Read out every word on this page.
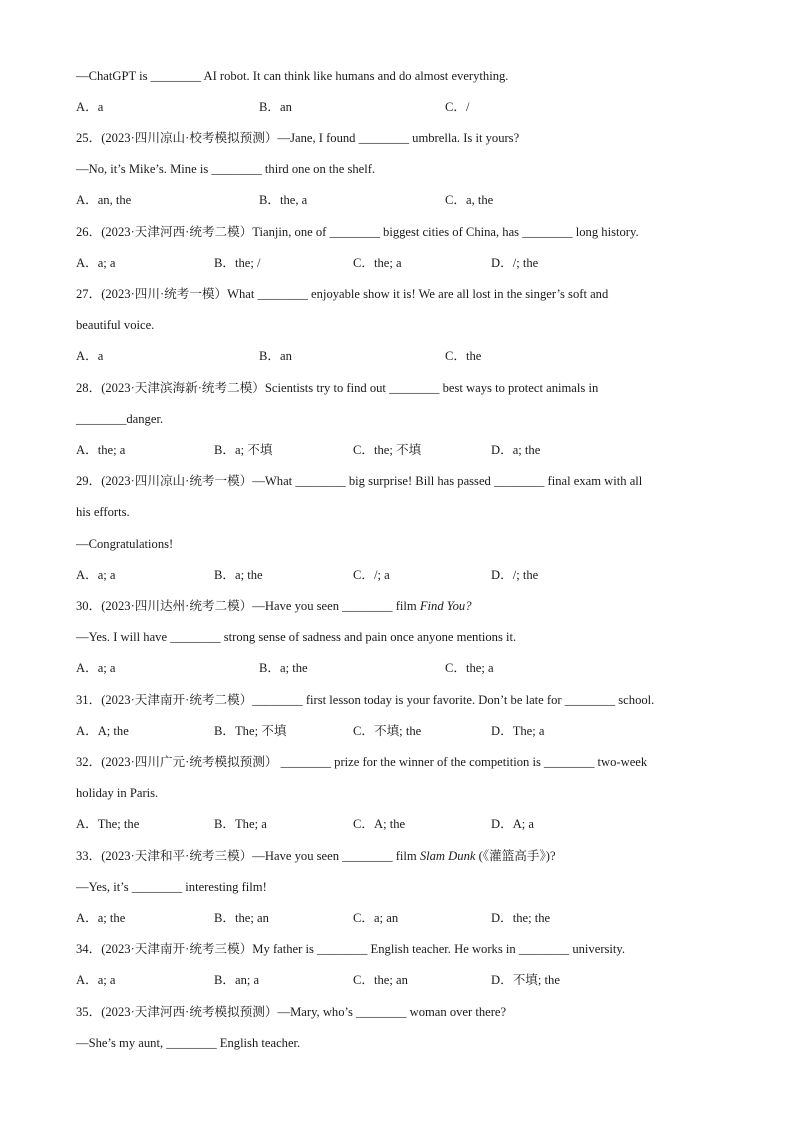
—ChatGPT is ________ AI robot. It can think like humans and do almost everything.
A．a	B．an	C．/
25．(2023·四川凉山·校考模拟预测）—Jane, I found ________ umbrella. Is it yours?
—No, it’s Mike’s. Mine is ________ third one on the shelf.
A．an, the	B．the, a	C．a, the
26．(2023·天津河西·统考二模）Tianjin, one of ________ biggest cities of China, has ________ long history.
A．a; a	B．the; /	C．the; a	D．/; the
27．(2023·四川·统考一模）What ________ enjoyable show it is! We are all lost in the singer’s soft and
beautiful voice.
A．a	B．an	C．the
28．(2023·天津滨海新·统考二模）Scientists try to find out ________ best ways to protect animals in
________danger.
A．the; a	B．a; 不填	C．the; 不填	D．a; the
29．(2023·四川凉山·统考一模）—What ________ big surprise! Bill has passed ________ final exam with all
his efforts.
—Congratulations!
A．a; a	B．a; the	C．/; a	D．/; the
30．(2023·四川达州·统考二模）—Have you seen ________ film Find You?
—Yes. I will have ________ strong sense of sadness and pain once anyone mentions it.
A．a; a	B．a; the	C．the; a
31．(2023·天津南开·统考二模）________ first lesson today is your favorite. Don’t be late for ________ school.
A．A; the	B．The; 不填	C．不填; the	D．The; a
32．(2023·四川广元·统考模拟预测） ________ prize for the winner of the competition is ________ two-week
holiday in Paris.
A．The; the	B．The; a	C．A; the	D．A; a
33．(2023·天津和平·统考三模）—Have you seen ________ film Slam Dunk (《灌篮高手》)?
—Yes, it’s ________ interesting film!
A．a; the	B．the; an	C．a; an	D．the; the
34．(2023·天津南开·统考三模）My father is ________ English teacher. He works in ________ university.
A．a; a	B．an; a	C．the; an	D．不填; the
35．(2023·天津河西·统考模拟预测）—Mary, who’s ________ woman over there?
—She’s my aunt, ________ English teacher.
